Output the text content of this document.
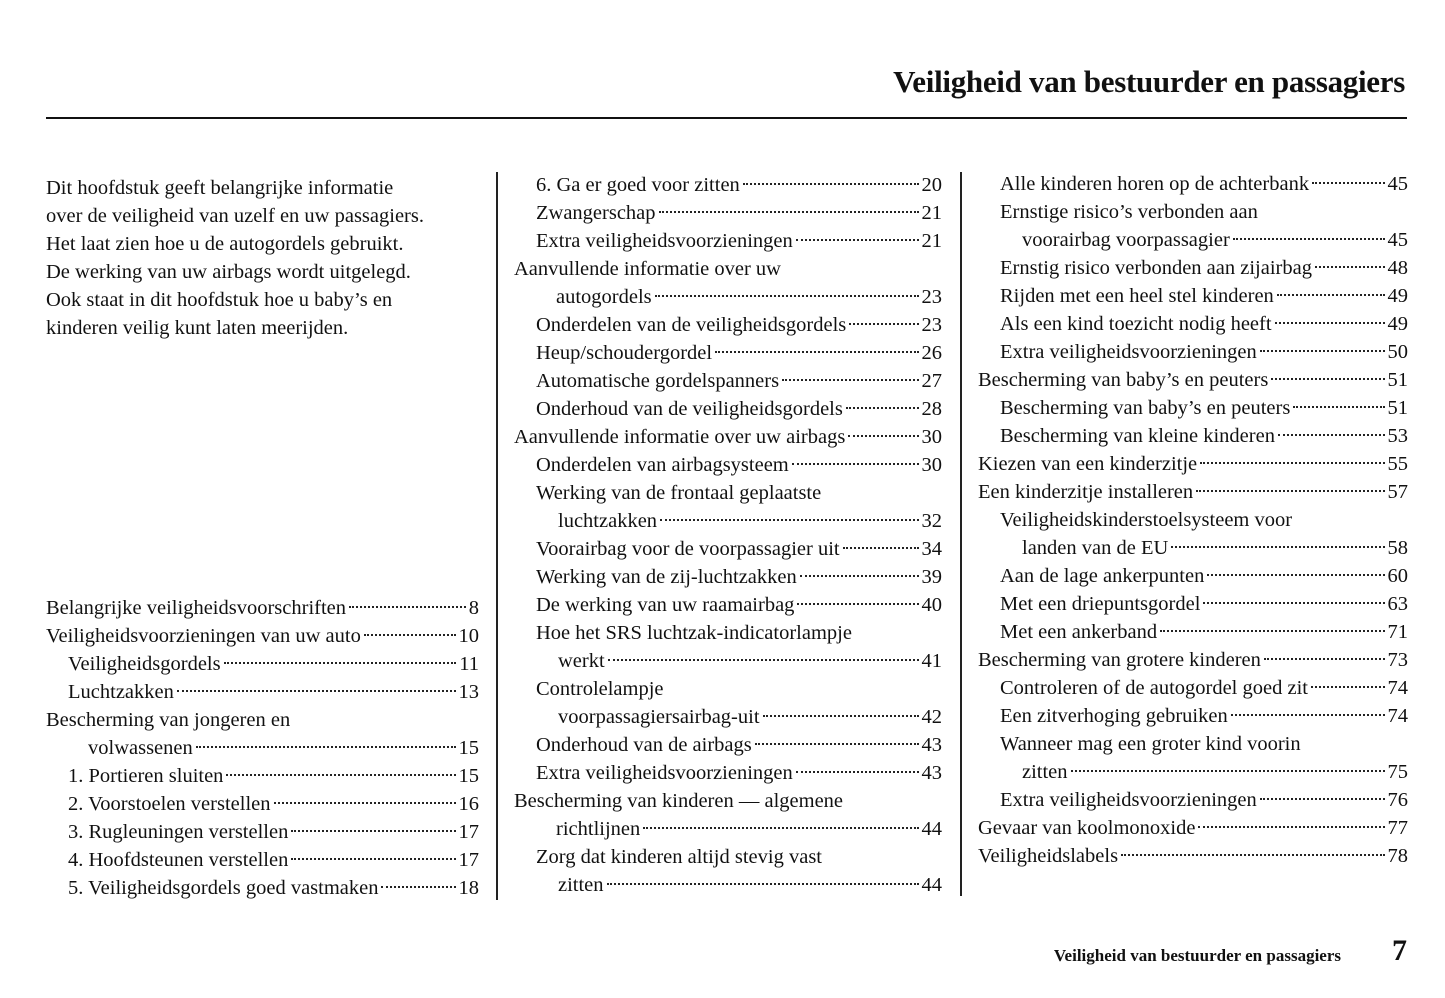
Veiligheid van bestuurder en passagiers
Dit hoofdstuk geeft belangrijke informatie
over de veiligheid van uzelf en uw passagiers.
Het laat zien hoe u de autogordels gebruikt.
De werking van uw airbags wordt uitgelegd.
Ook staat in dit hoofdstuk hoe u baby’s en
kinderen veilig kunt laten meerijden.
Belangrijke veiligheidsvoorschriften	8
Veiligheidsvoorzieningen van uw auto	10
Veiligheidsgordels	11
Luchtzakken	13
Bescherming van jongeren en
volwassenen	15
1. Portieren sluiten	15
2. Voorstoelen verstellen	16
3. Rugleuningen verstellen	17
4. Hoofdsteunen verstellen	17
5. Veiligheidsgordels goed vastmaken	18
6. Ga er goed voor zitten	20
Zwangerschap	21
Extra veiligheidsvoorzieningen	21
Aanvullende informatie over uw
autogordels	23
Onderdelen van de veiligheidsgordels	23
Heup/schoudergordel	26
Automatische gordelspanners	27
Onderhoud van de veiligheidsgordels	28
Aanvullende informatie over uw airbags	30
Onderdelen van airbagsysteem	30
Werking van de frontaal geplaatste
luchtzakken	32
Voorairbag voor de voorpassagier uit	34
Werking van de zij-luchtzakken	39
De werking van uw raamairbag	40
Hoe het SRS luchtzak-indicatorlampje
werkt	41
Controlelampje
voorpassagiersairbag-uit	42
Onderhoud van de airbags	43
Extra veiligheidsvoorzieningen	43
Bescherming van kinderen — algemene
richtlijnen	44
Zorg dat kinderen altijd stevig vast
zitten	44
Alle kinderen horen op de achterbank	45
Ernstige risico’s verbonden aan
voorairbag voorpassagier	45
Ernstig risico verbonden aan zijairbag	48
Rijden met een heel stel kinderen	49
Als een kind toezicht nodig heeft	49
Extra veiligheidsvoorzieningen	50
Bescherming van baby’s en peuters	51
Bescherming van baby’s en peuters	51
Bescherming van kleine kinderen	53
Kiezen van een kinderzitje	55
Een kinderzitje installeren	57
Veiligheidskinderstoelsysteem voor
landen van de EU	58
Aan de lage ankerpunten	60
Met een driepuntsgordel	63
Met een ankerband	71
Bescherming van grotere kinderen	73
Controleren of de autogordel goed zit	74
Een zitverhoging gebruiken	74
Wanneer mag een groter kind voorin
zitten	75
Extra veiligheidsvoorzieningen	76
Gevaar van koolmonoxide	77
Veiligheidslabels	78
Veiligheid van bestuurder en passagiers 7
